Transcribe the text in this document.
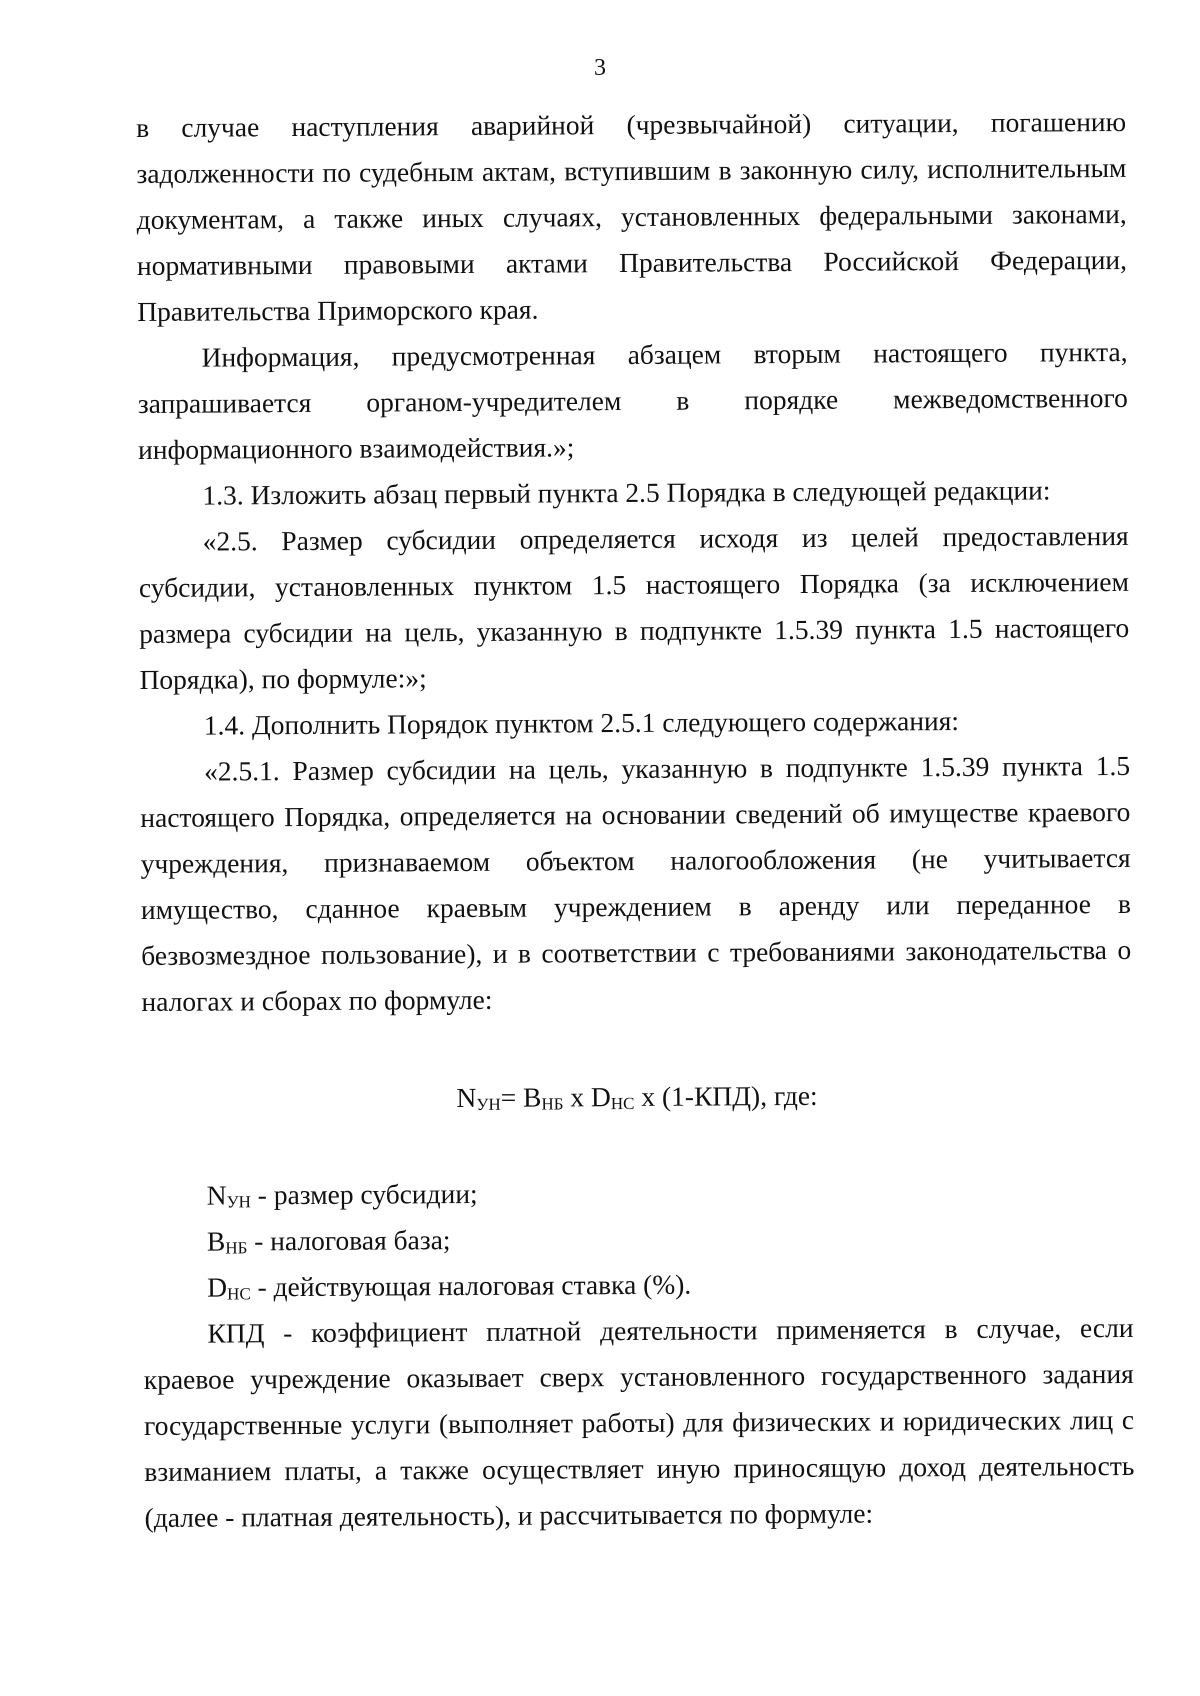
3

в случае наступления аварийной (чрезвычайной) ситуации, погашению задолженности по судебным актам, вступившим в законную силу, исполнительным документам, а также иных случаях, установленных федеральными законами, нормативными правовыми актами Правительства Российской Федерации, Правительства Приморского края.

Информация, предусмотренная абзацем вторым настоящего пункта, запрашивается органом-учредителем в порядке межведомственного информационного взаимодействия.»;

1.3. Изложить абзац первый пункта 2.5 Порядка в следующей редакции:

«2.5. Размер субсидии определяется исходя из целей предоставления субсидии, установленных пунктом 1.5 настоящего Порядка (за исключением размера субсидии на цель, указанную в подпункте 1.5.39 пункта 1.5 настоящего Порядка), по формуле:»;

1.4. Дополнить Порядок пунктом 2.5.1 следующего содержания:

«2.5.1. Размер субсидии на цель, указанную в подпункте 1.5.39 пункта 1.5 настоящего Порядка, определяется на основании сведений об имуществе краевого учреждения, признаваемом объектом налогообложения (не учитывается имущество, сданное краевым учреждением в аренду или переданное в безвозмездное пользование), и в соответствии с требованиями законодательства о налогах и сборах по формуле:

$N_{УН}= B_{НБ}$ х $D_{НС}$ х (1-КПД), где:

$N_{УН}$ - размер субсидии;

$B_{НБ}$ - налоговая база;

$D_{НС}$ - действующая налоговая ставка (%).

КПД - коэффициент платной деятельности применяется в случае, если краевое учреждение оказывает сверх установленного государственного задания государственные услуги (выполняет работы) для физических и юридических лиц с взиманием платы, а также осуществляет иную приносящую доход деятельность (далее - платная деятельность), и рассчитывается по формуле:
